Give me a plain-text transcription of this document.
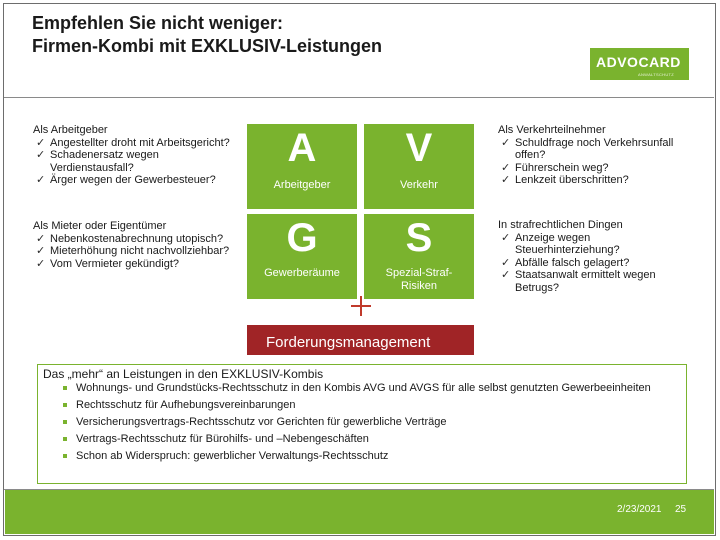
Empfehlen Sie nicht weniger:
Firmen-Kombi mit EXKLUSIV-Leistungen
ADVOCARD
ANWALTSCHUTZ
Als Arbeitgeber
✓ Angestellter droht mit Arbeitsgericht?
✓ Schadenersatz wegen Verdienstausfall?
✓ Ärger wegen der Gewerbesteuer?
Als Mieter oder Eigentümer
✓ Nebenkostenabrechnung utopisch?
✓ Mieterhöhung nicht nachvollziehbar?
✓ Vom Vermieter gekündigt?
A
Arbeitgeber
V
Verkehr
G
Gewerberäume
S
Spezial-Straf-Risiken
Forderungsmanagement
Als Verkehrteilnehmer
✓ Schuldfrage noch Verkehrsunfall offen?
✓ Führerschein weg?
✓ Lenkzeit überschritten?
In strafrechtlichen Dingen
✓ Anzeige wegen Steuerhinterziehung?
✓ Abfälle falsch gelagert?
✓ Staatsanwalt ermittelt wegen Betrugs?
Das „mehr“ an Leistungen in den EXKLUSIV-Kombis
Wohnungs- und Grundstücks-Rechtsschutz in den Kombis AVG und AVGS für alle selbst genutzten Gewerbeeinheiten
Rechtsschutz für Aufhebungsvereinbarungen
Versicherungsvertrags-Rechtsschutz vor Gerichten für gewerbliche Verträge
Vertrags-Rechtsschutz für Bürohilfs- und –Nebengeschäften
Schon ab Widerspruch: gewerblicher Verwaltungs-Rechtsschutz
2/23/2021 25
